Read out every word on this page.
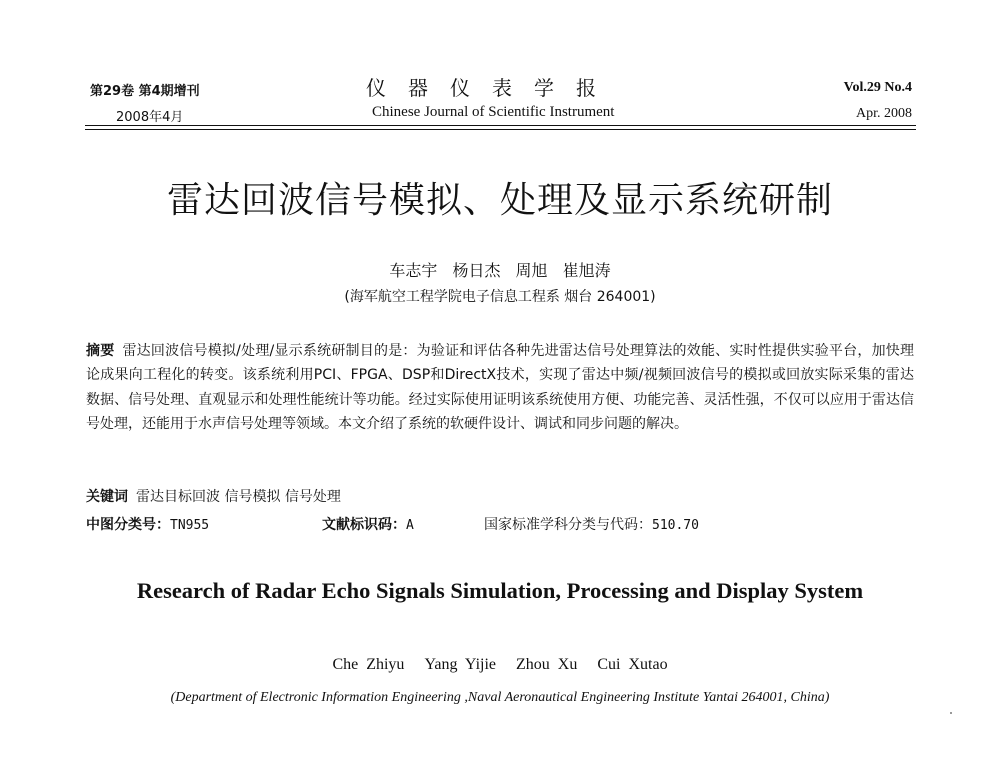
第29卷 第4期增刊
2008年4月
仪器仪表学报
Chinese Journal of Scientific Instrument
Vol.29 No.4
Apr. 2008
雷达回波信号模拟、处理及显示系统研制
车志宇 杨日杰 周旭 崔旭涛
(海军航空工程学院电子信息工程系 烟台 264001)
摘要 雷达回波信号模拟/处理/显示系统研制目的是：为验证和评估各种先进雷达信号处理算法的效能、实时性提供实验平台，加快理论成果向工程化的转变。该系统利用PCI、FPGA、DSP和DirectX技术，实现了雷达中频/视频回波信号的模拟或回放实际采集的雷达数据、信号处理、直观显示和处理性能统计等功能。经过实际使用证明该系统使用方便、功能完善、灵活性强，不仅可以应用于雷达信号处理，还能用于水声信号处理等领域。本文介绍了系统的软硬件设计、调试和同步问题的解决。
关键词 雷达目标回波 信号模拟 信号处理
中图分类号：TN955	文献标识码：A	国家标准学科分类与代码：510.70
Research of Radar Echo Signals Simulation, Processing and Display System
Che Zhiyu Yang Yijie Zhou Xu Cui Xutao
(Department of Electronic Information Engineering ,Naval Aeronautical Engineering Institute Yantai 264001, China)
